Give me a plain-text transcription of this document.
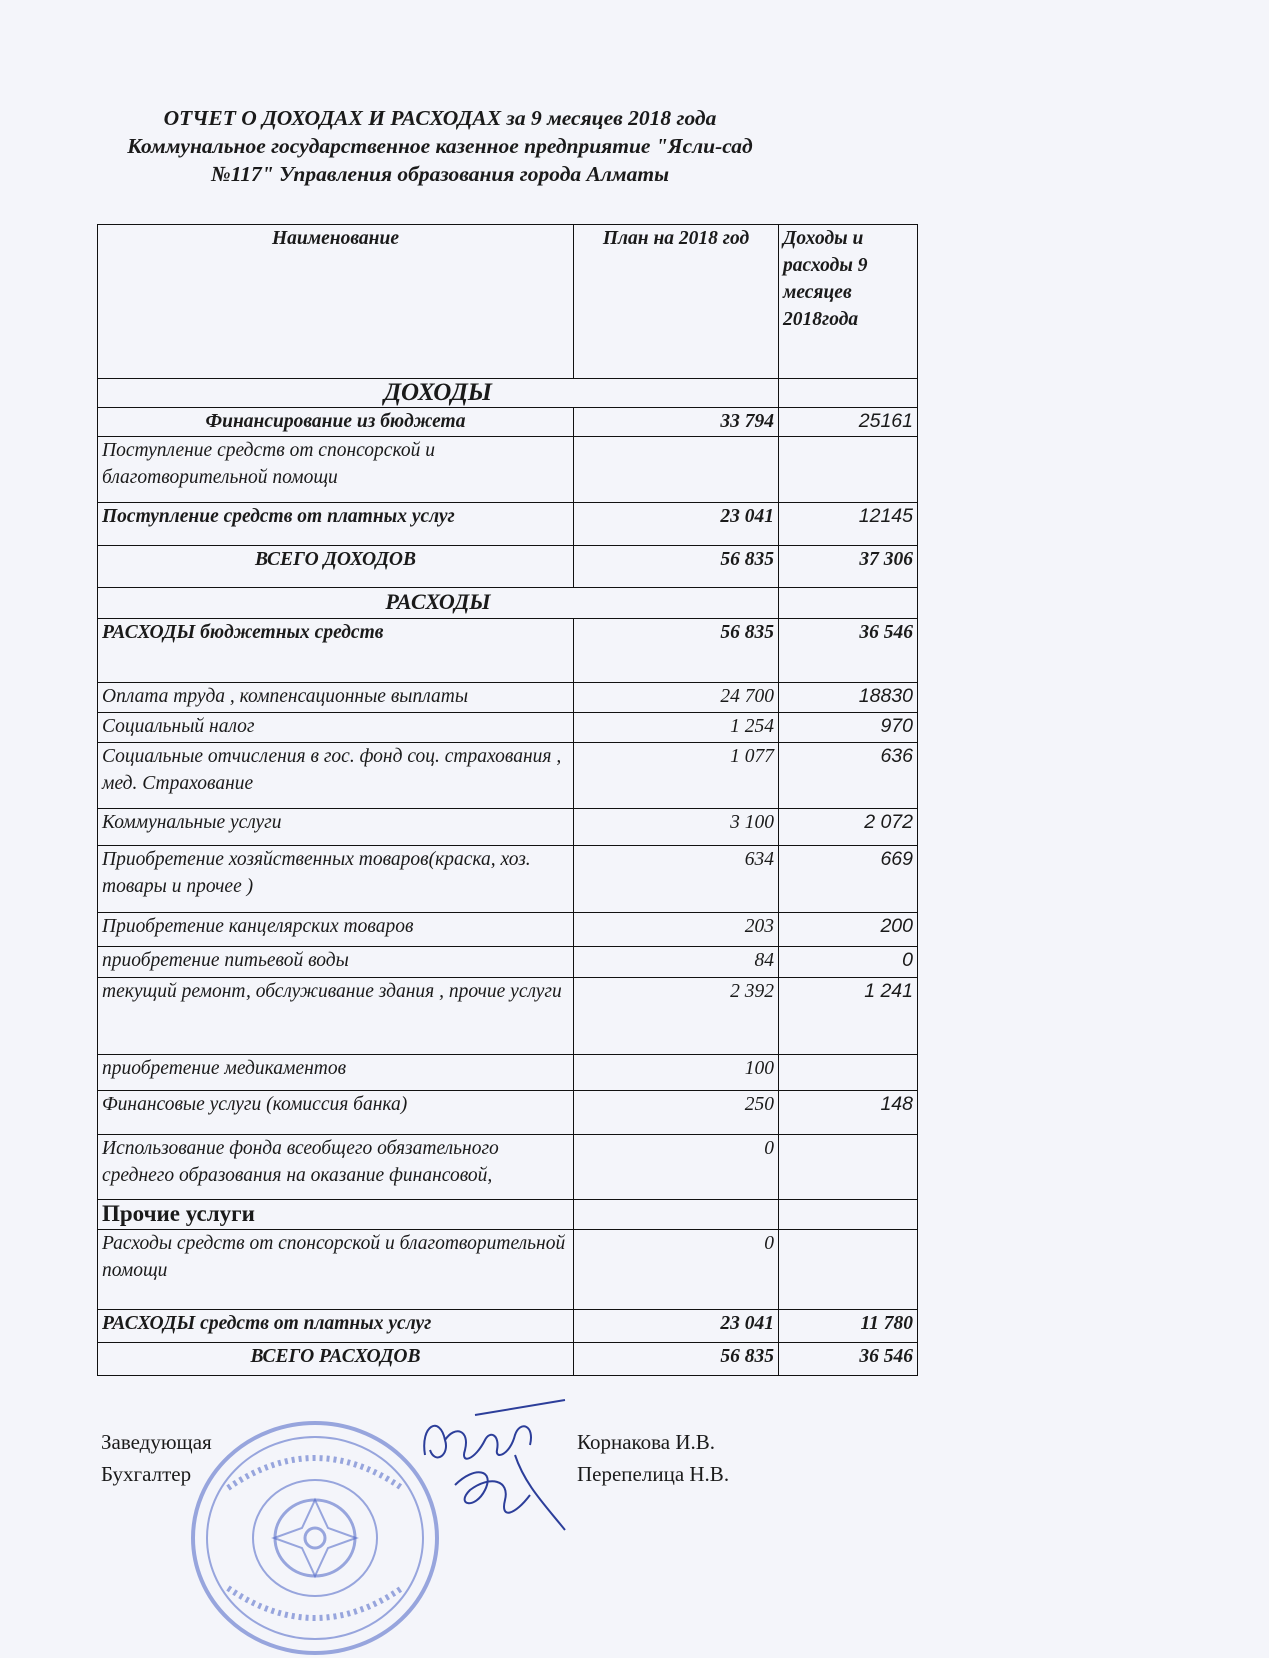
ОТЧЕТ О ДОХОДАХ И РАСХОДАХ за 9 месяцев 2018 года
Коммунальное государственное казенное предприятие "Ясли-сад
№117" Управления образования города Алматы
Наименование	План на 2018 год	Доходы и расходы 9 месяцев 2018года
ДОХОДЫ		
Финансирование из бюджета	33 794	25161
Поступление средств от спонсорской и благотворительной помощи		
Поступление средств от платных услуг	23 041	12145
ВСЕГО ДОХОДОВ	56 835	37 306
РАСХОДЫ		
РАСХОДЫ бюджетных средств	56 835	36 546
Оплата труда , компенсационные выплаты	24 700	18830
Социальный налог	1 254	970
Социальные отчисления в гос. фонд соц. страхования , мед. Страхование	1 077	636
Коммунальные услуги	3 100	2 072
Приобретение хозяйственных товаров(краска, хоз. товары и прочее )	634	669
Приобретение канцелярских товаров	203	200
приобретение питьевой воды	84	0
текущий ремонт, обслуживание здания , прочие услуги	2 392	1 241
приобретение медикаментов	100	
Финансовые услуги (комиссия банка)	250	148
Использование фонда всеобщего обязательного среднего образования на оказание финансовой,	0	
Прочие услуги		
Расходы средств от спонсорской и благотворительной помощи	0	
РАСХОДЫ средств от платных услуг	23 041	11 780
ВСЕГО РАСХОДОВ	56 835	36 546
Заведующая
Бухгалтер
Корнакова И.В.
Перепелица Н.В.
